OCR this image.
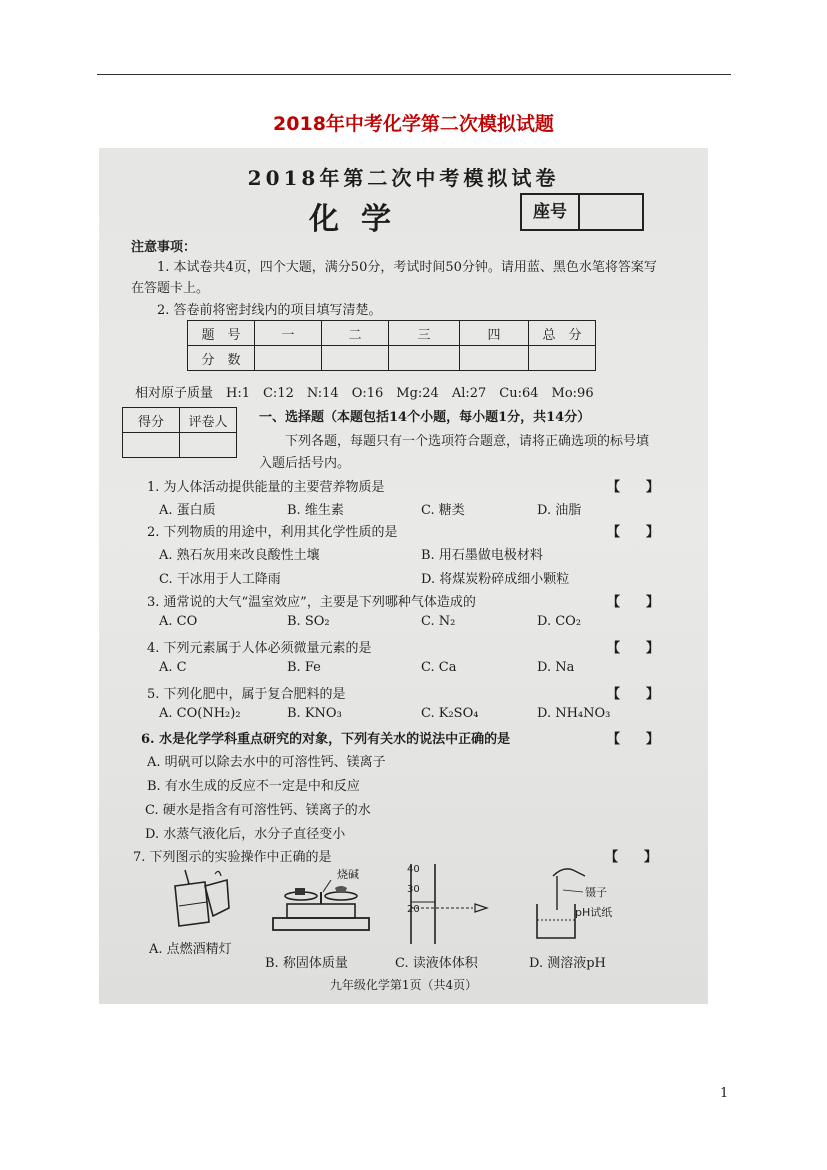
2018年中考化学第二次模拟试题
2018年第二次中考模拟试卷
化学	座号
注意事项：
1. 本试卷共4页，四个大题，满分50分，考试时间50分钟。请用蓝、黑色水笔将答案写
在答题卡上。
2. 答卷前将密封线内的项目填写清楚。
题　号	一	二	三	四	总　分
分　数					
相对原子质量　H:1　C:12　N:14　O:16　Mg:24　Al:27　Cu:64　Mo:96
得分	评卷人
	一、选择题（本题包括14个小题，每小题1分，共14分）
下列各题，每题只有一个选项符合题意，请将正确选项的标号填
入题后括号内。
1. 为人体活动提供能量的主要营养物质是	【　　】
A. 蛋白质	B. 维生素	C. 糖类	D. 油脂
2. 下列物质的用途中，利用其化学性质的是	【　　】
A. 熟石灰用来改良酸性土壤	B. 用石墨做电极材料
C. 干冰用于人工降雨	D. 将煤炭粉碎成细小颗粒
3. 通常说的大气“温室效应”，主要是下列哪种气体造成的	【　　】
A. CO	B. SO₂	C. N₂	D. CO₂
4. 下列元素属于人体必须微量元素的是	【　　】
A. C	B. Fe	C. Ca	D. Na
5. 下列化肥中，属于复合肥料的是	【　　】
A. CO(NH₂)₂	B. KNO₃	C. K₂SO₄	D. NH₄NO₃
6. 水是化学学科重点研究的对象，下列有关水的说法中正确的是	【　　】
A. 明矾可以除去水中的可溶性钙、镁离子
B. 有水生成的反应不一定是中和反应
C. 硬水是指含有可溶性钙、镁离子的水
D. 水蒸气液化后，水分子直径变小
7. 下列图示的实验操作中正确的是	【　　】
烧碱	40
30
20
镊子
pH试纸
A. 点燃酒精灯
B. 称固体质量	C. 读液体体积	D. 测溶液pH
九年级化学第1页（共4页）
1
